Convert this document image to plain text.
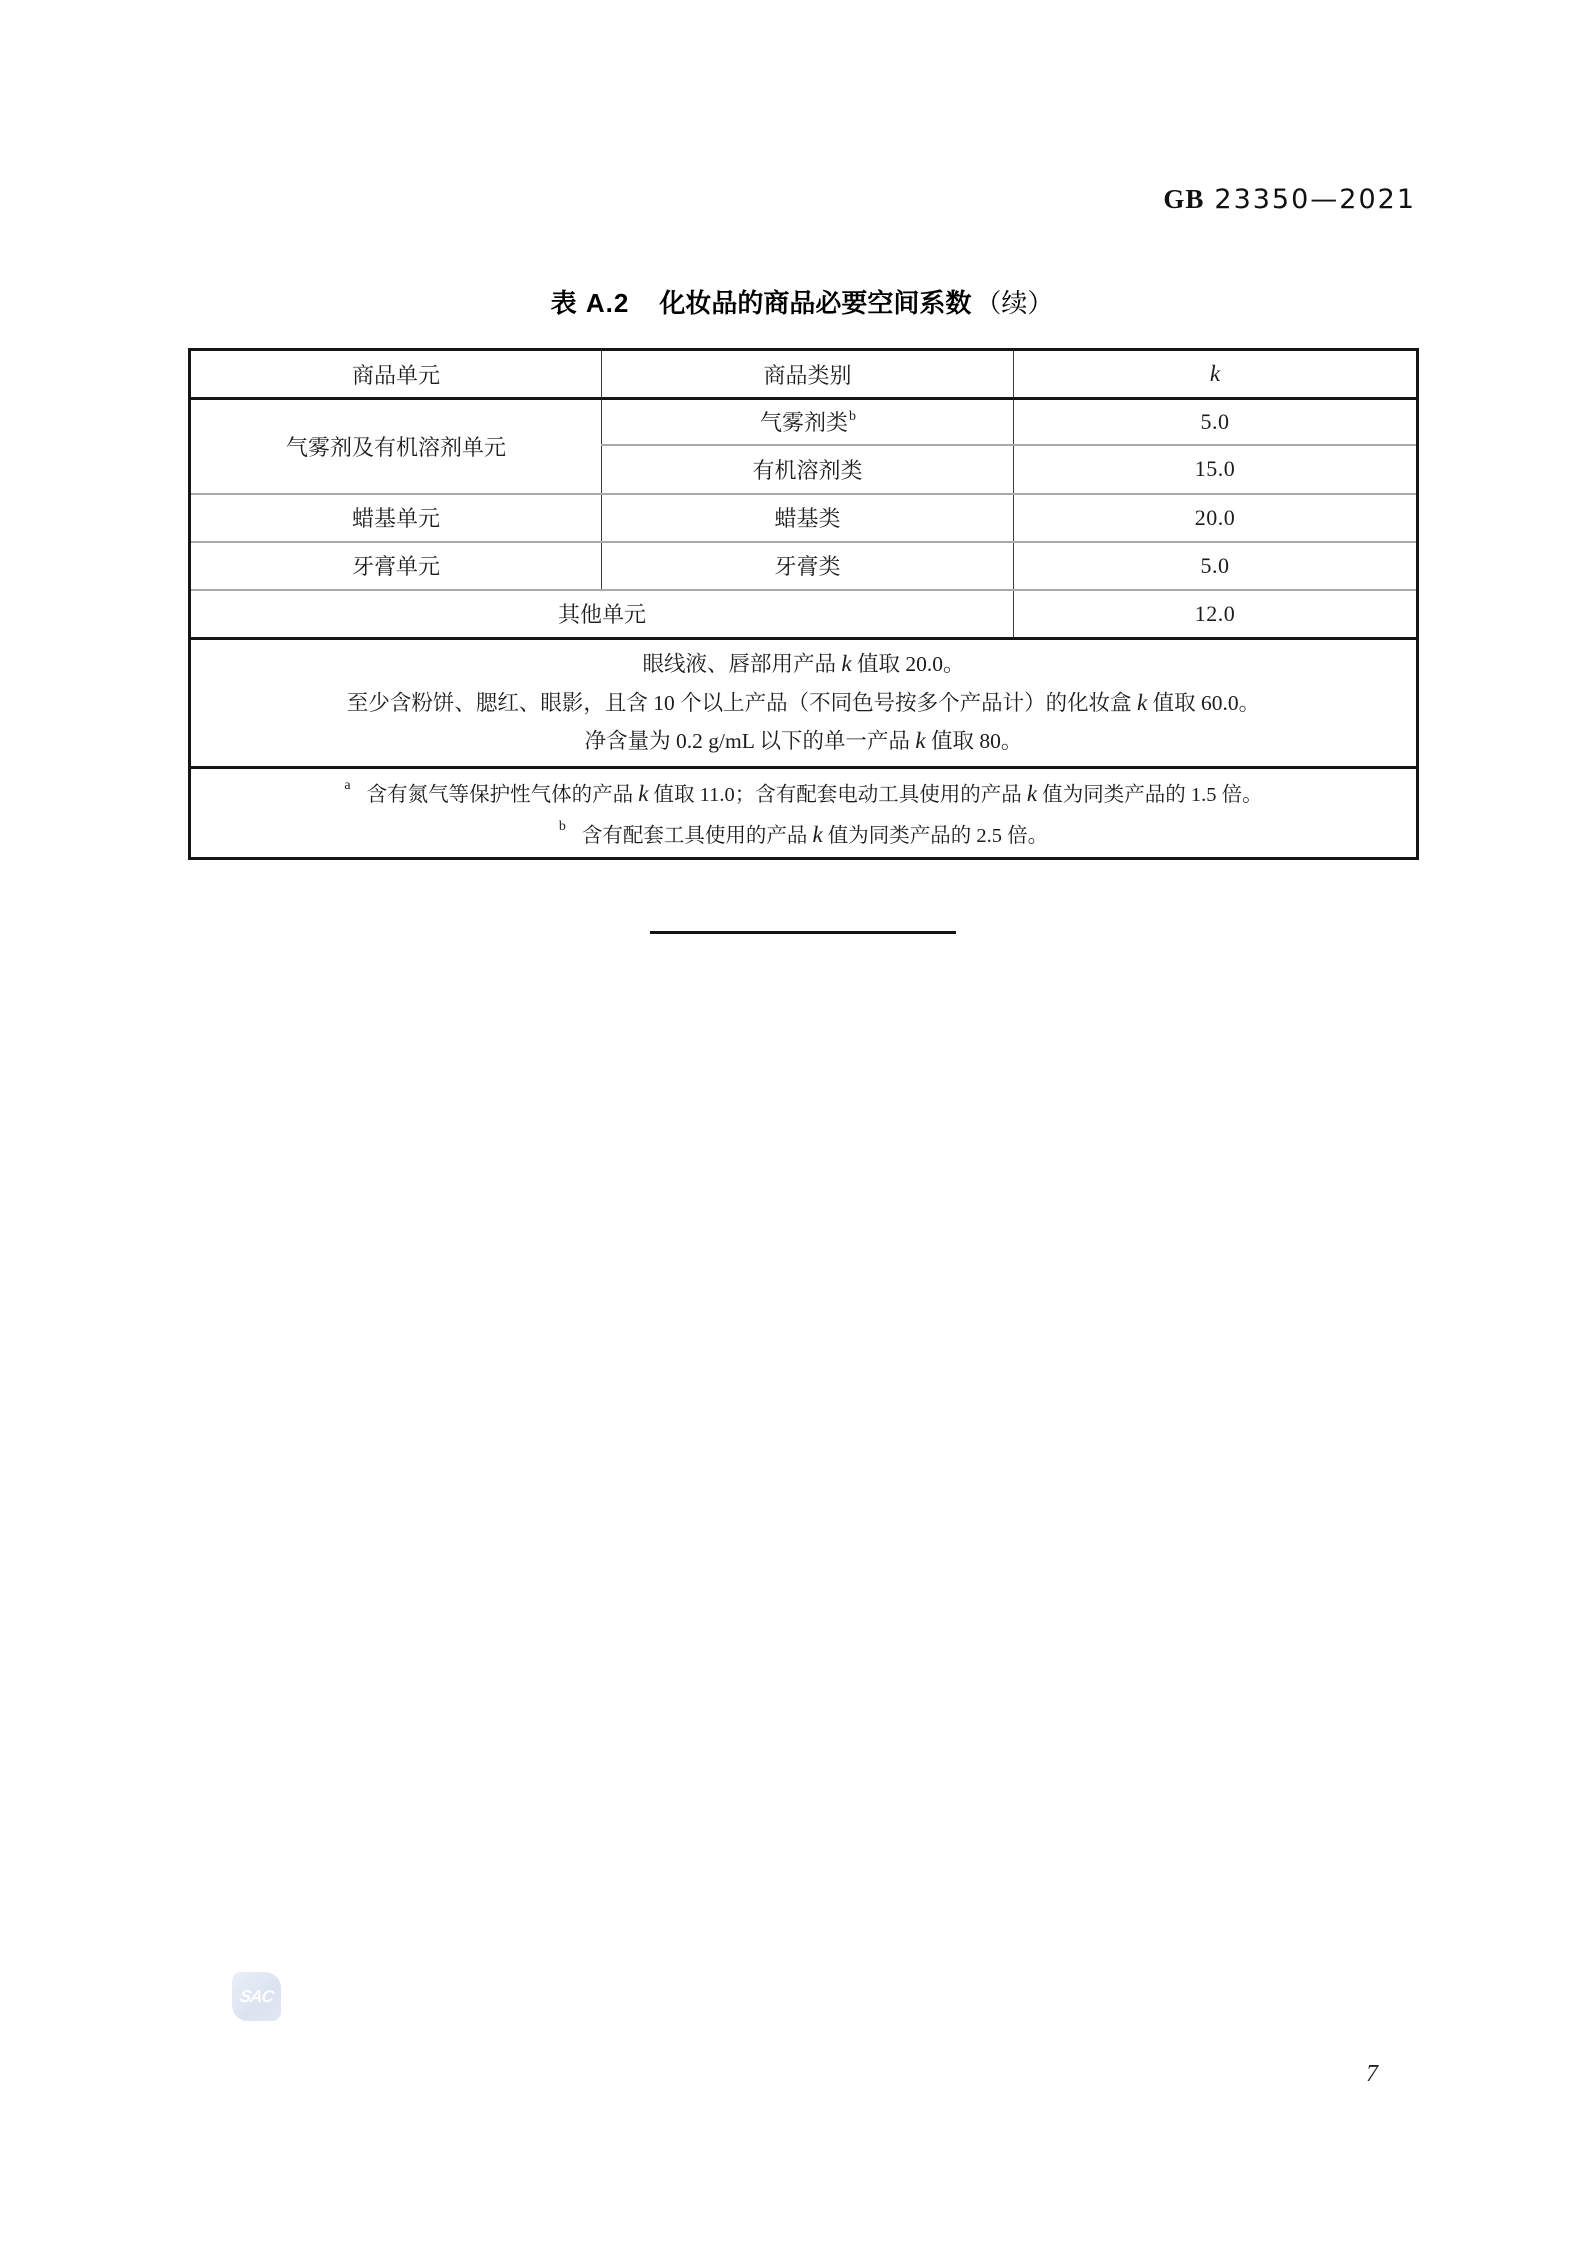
GB 23350—2021
表 A.2 化妆品的商品必要空间系数 （续）
商品单元	商品类别	k
气雾剂及有机溶剂单元	气雾剂类$^b$	5.0
	有机溶剂类	15.0
蜡基单元	蜡基类	20.0
牙膏单元	牙膏类	5.0
其他单元		12.0

眼线液、唇部用产品 k 值取 20.0。

至少含粉饼、腮红、眼影，且含 10 个以上产品（不同色号按多个产品计）的化妆盒 k 值取 60.0。

净含量为 0.2 g/mL 以下的单一产品 k 值取 80。		

$^a$ 含有氮气等保护性气体的产品 k 值取 11.0；含有配套电动工具使用的产品 k 值为同类产品的 1.5 倍。

$^b$ 含有配套工具使用的产品 k 值为同类产品的 2.5 倍。		

SAC
7
